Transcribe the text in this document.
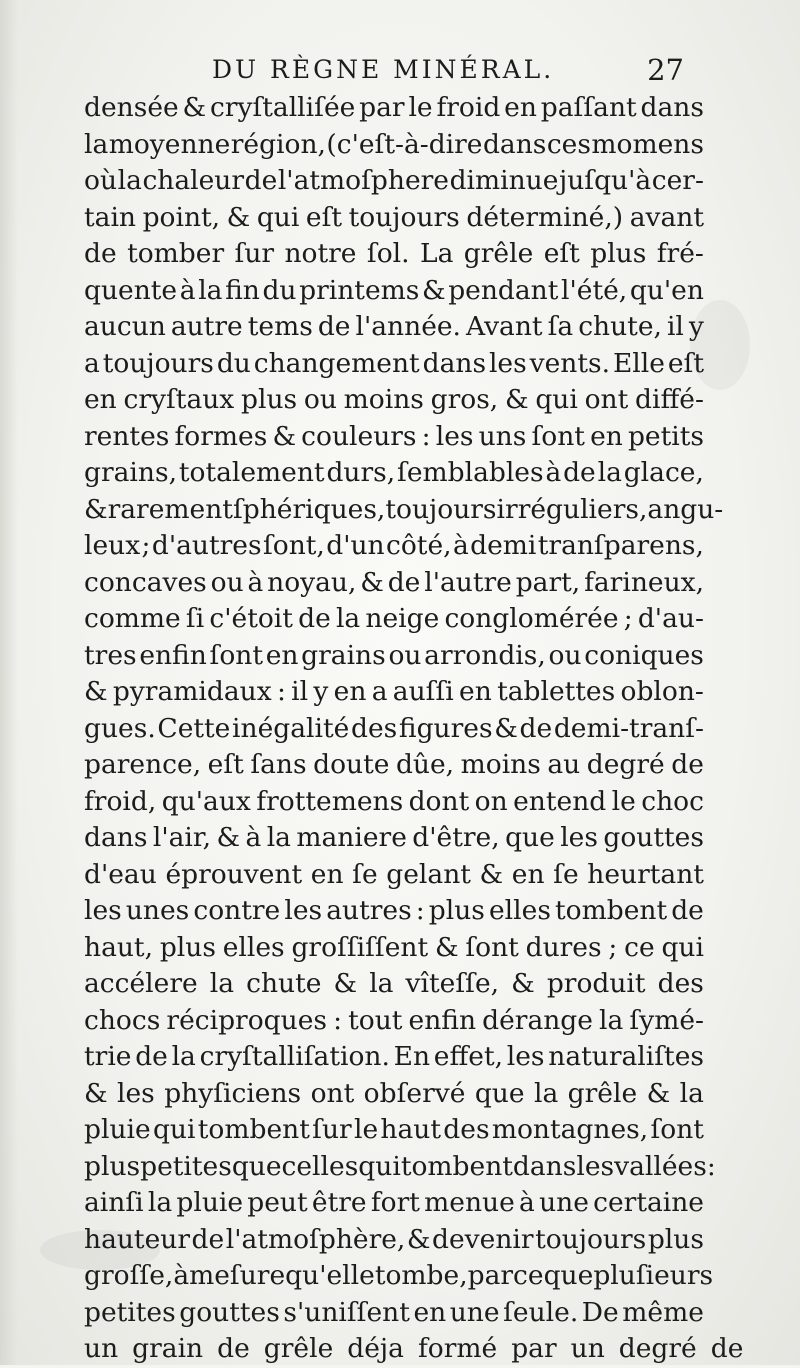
DU RÈGNE MINÉRAL.	27
densée & cryſtalliſée par le froid en paſſant dans
la moyenne région, (c'eſt-à-dire dans ces momens
où la chaleur de l'atmoſphere diminue juſqu'à cer-
tain point, & qui eſt toujours déterminé,) avant
de tomber ſur notre ſol. La grêle eſt plus fré-
quente à la fin du printems & pendant l'été, qu'en
aucun autre tems de l'année. Avant ſa chute, il y
a toujours du changement dans les vents. Elle eſt
en cryſtaux plus ou moins gros, & qui ont diffé-
rentes formes & couleurs : les uns ſont en petits
grains, totalement durs, ſemblables à de la glace,
& rarement ſphériques, toujours irréguliers, angu-
leux ; d'autres ſont, d'un côté, à demi tranſparens,
concaves ou à noyau, & de l'autre part, farineux,
comme ſi c'étoit de la neige conglomérée ; d'au-
tres enfin ſont en grains ou arrondis, ou coniques
& pyramidaux : il y en a auſſi en tablettes oblon-
gues. Cette inégalité des figures & de demi-tranſ-
parence, eſt ſans doute dûe, moins au degré de
froid, qu'aux frottemens dont on entend le choc
dans l'air, & à la maniere d'être, que les gouttes
d'eau éprouvent en ſe gelant & en ſe heurtant
les unes contre les autres : plus elles tombent de
haut, plus elles groſſiſſent & ſont dures ; ce qui
accélere la chute & la vîteſſe, & produit des
chocs réciproques : tout enfin dérange la ſymé-
trie de la cryſtalliſation. En effet, les naturaliſtes
& les phyſiciens ont obſervé que la grêle & la
pluie qui tombent ſur le haut des montagnes, ſont
plus petites que celles qui tombent dans les vallées :
ainſi la pluie peut être fort menue à une certaine
hauteur de l'atmoſphère, & devenir toujours plus
groſſe, à meſure qu'elle tombe, parce que pluſieurs
petites gouttes s'uniſſent en une ſeule. De même
un grain de grêle déja formé par un degré de
